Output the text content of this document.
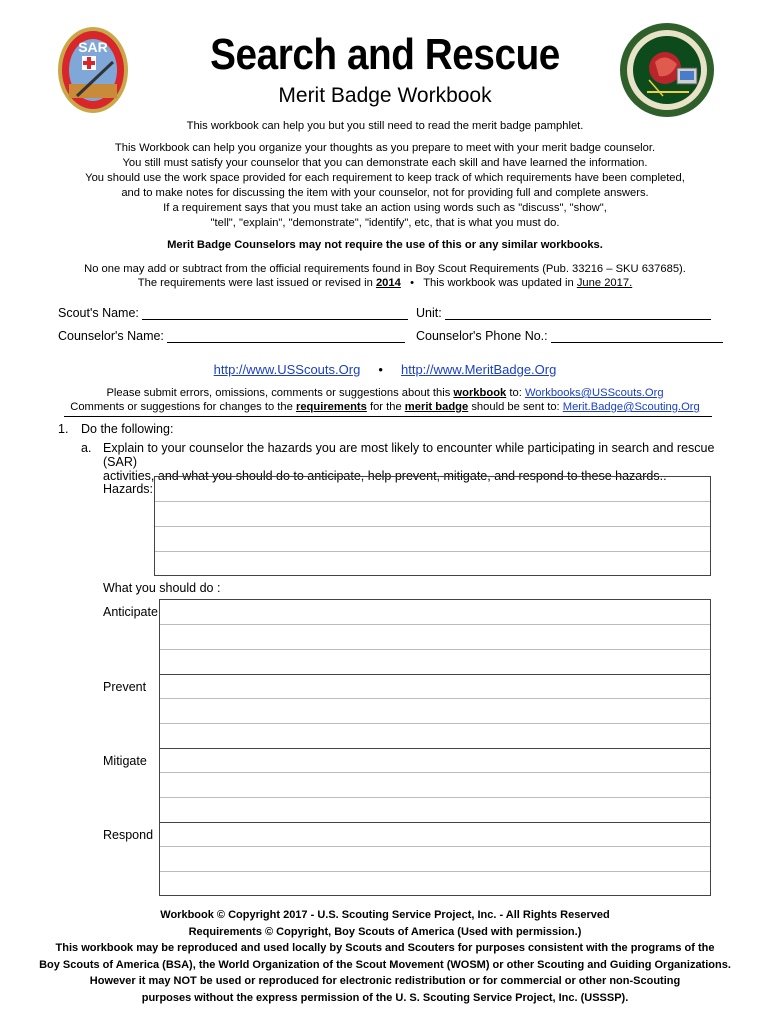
SAR	Search and Rescue
Merit Badge Workbook
This workbook can help you but you still need to read the merit badge pamphlet.
This Workbook can help you organize your thoughts as you prepare to meet with your merit badge counselor.
You still must satisfy your counselor that you can demonstrate each skill and have learned the information.
You should use the work space provided for each requirement to keep track of which requirements have been completed,
and to make notes for discussing the item with your counselor, not for providing full and complete answers.
If a requirement says that you must take an action using words such as "discuss", "show",
"tell", "explain", "demonstrate", "identify", etc, that is what you must do.
Merit Badge Counselors may not require the use of this or any similar workbooks.
No one may add or subtract from the official requirements found in Boy Scout Requirements (Pub. 33216 – SKU 637685).
The requirements were last issued or revised in 2014 • This workbook was updated in June 2017.
Scout's Name:	Unit:
Counselor's Name:	Counselor's Phone No.:
http://www.USScouts.Org • http://www.MeritBadge.Org
Please submit errors, omissions, comments or suggestions about this workbook to: Workbooks@USScouts.Org
Comments or suggestions for changes to the requirements for the merit badge should be sent to: Merit.Badge@Scouting.Org
1. Do the following:
a. Explain to your counselor the hazards you are most likely to encounter while participating in search and rescue (SAR)
activities, and what you should do to anticipate, help prevent, mitigate, and respond to these hazards..
Hazards:
What you should do :
Anticipate
Prevent
Mitigate
Respond
Workbook © Copyright 2017 - U.S. Scouting Service Project, Inc. - All Rights Reserved
Requirements © Copyright, Boy Scouts of America (Used with permission.)
This workbook may be reproduced and used locally by Scouts and Scouters for purposes consistent with the programs of the
Boy Scouts of America (BSA), the World Organization of the Scout Movement (WOSM) or other Scouting and Guiding Organizations.
However it may NOT be used or reproduced for electronic redistribution or for commercial or other non-Scouting
purposes without the express permission of the U. S. Scouting Service Project, Inc. (USSSP).
